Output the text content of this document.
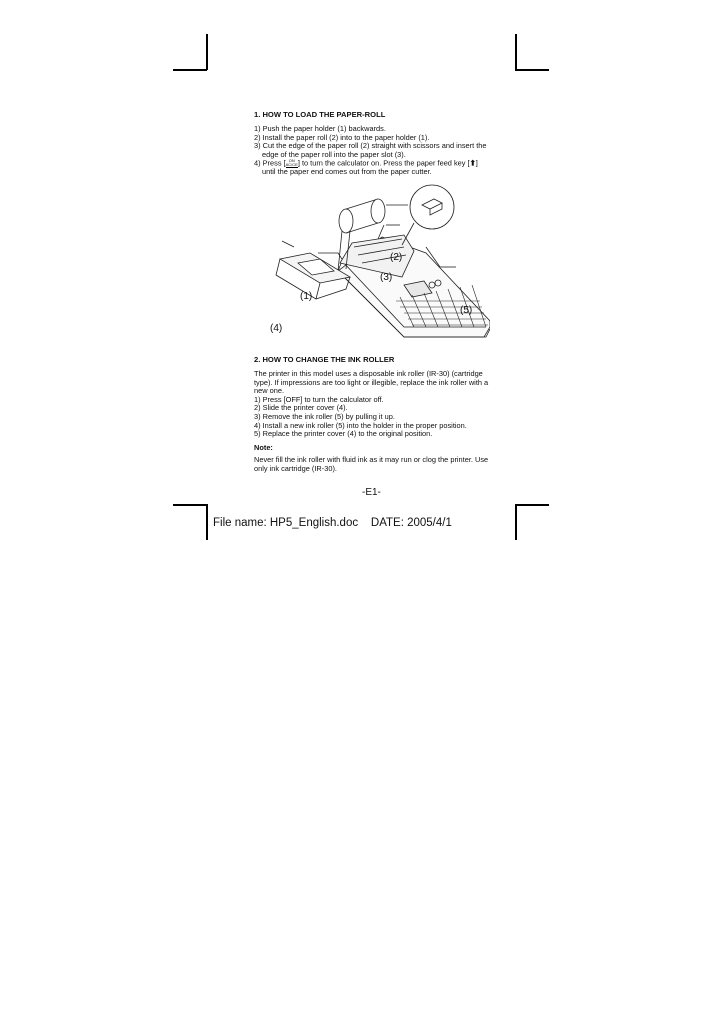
1. HOW TO LOAD THE PAPER-ROLL
1) Push the paper holder (1) backwards.
2) Install the paper roll (2) into to the paper holder (1).
3) Cut the edge of the paper roll (2) straight with scissors and insert the
edge of the paper roll into the paper slot (3).
4) Press [ ON
AC/CE] to turn the calculator on. Press the paper feed key [⬆]
until the paper end comes out from the paper cutter.
(2)
(3)
(1)
(5)
(4)
2. HOW TO CHANGE THE INK ROLLER
The printer in this model uses a disposable ink roller (IR-30) (cartridge type). If impressions are too light or illegible, replace the ink roller with a new one.
1) Press [OFF] to turn the calculator off.
2) Slide the printer cover (4).
3) Remove the ink roller (5) by pulling it up.
4) Install a new ink roller (5) into the holder in the proper position.
5) Replace the printer cover (4) to the original position.
Note:
Never fill the ink roller with fluid ink as it may run or clog the printer. Use only ink cartridge (IR-30).
-E1-
File name: HP5_English.doc    DATE: 2005/4/1
